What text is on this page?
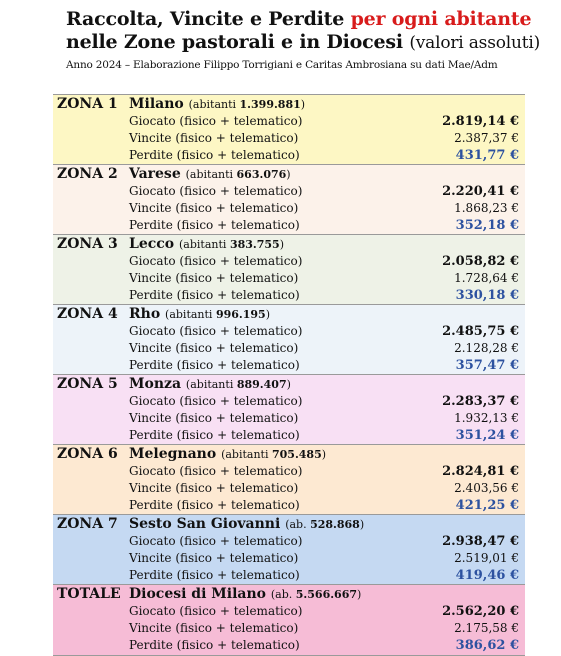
Raccolta, Vincite e Perdite per ogni abitante
nelle Zone pastorali e in Diocesi (valori assoluti)
Anno 2024 – Elaborazione Filippo Torrigiani e Caritas Ambrosiana su dati Mae/Adm
ZONA 1 Milano (abitanti 1.399.881)
Giocato (fisico + telematico)	2.819,14 €
Vincite (fisico + telematico)	2.387,37 €
Perdite (fisico + telematico)	431,77 €
ZONA 2 Varese (abitanti 663.076)
Giocato (fisico + telematico)	2.220,41 €
Vincite (fisico + telematico)	1.868,23 €
Perdite (fisico + telematico)	352,18 €
ZONA 3 Lecco (abitanti 383.755)
Giocato (fisico + telematico)	2.058,82 €
Vincite (fisico + telematico)	1.728,64 €
Perdite (fisico + telematico)	330,18 €
ZONA 4 Rho (abitanti 996.195)
Giocato (fisico + telematico)	2.485,75 €
Vincite (fisico + telematico)	2.128,28 €
Perdite (fisico + telematico)	357,47 €
ZONA 5 Monza (abitanti 889.407)
Giocato (fisico + telematico)	2.283,37 €
Vincite (fisico + telematico)	1.932,13 €
Perdite (fisico + telematico)	351,24 €
ZONA 6 Melegnano (abitanti 705.485)
Giocato (fisico + telematico)	2.824,81 €
Vincite (fisico + telematico)	2.403,56 €
Perdite (fisico + telematico)	421,25 €
ZONA 7 Sesto San Giovanni (ab. 528.868)
Giocato (fisico + telematico)	2.938,47 €
Vincite (fisico + telematico)	2.519,01 €
Perdite (fisico + telematico)	419,46 €
TOTALE Diocesi di Milano (ab. 5.566.667)
Giocato (fisico + telematico)	2.562,20 €
Vincite (fisico + telematico)	2.175,58 €
Perdite (fisico + telematico)	386,62 €
